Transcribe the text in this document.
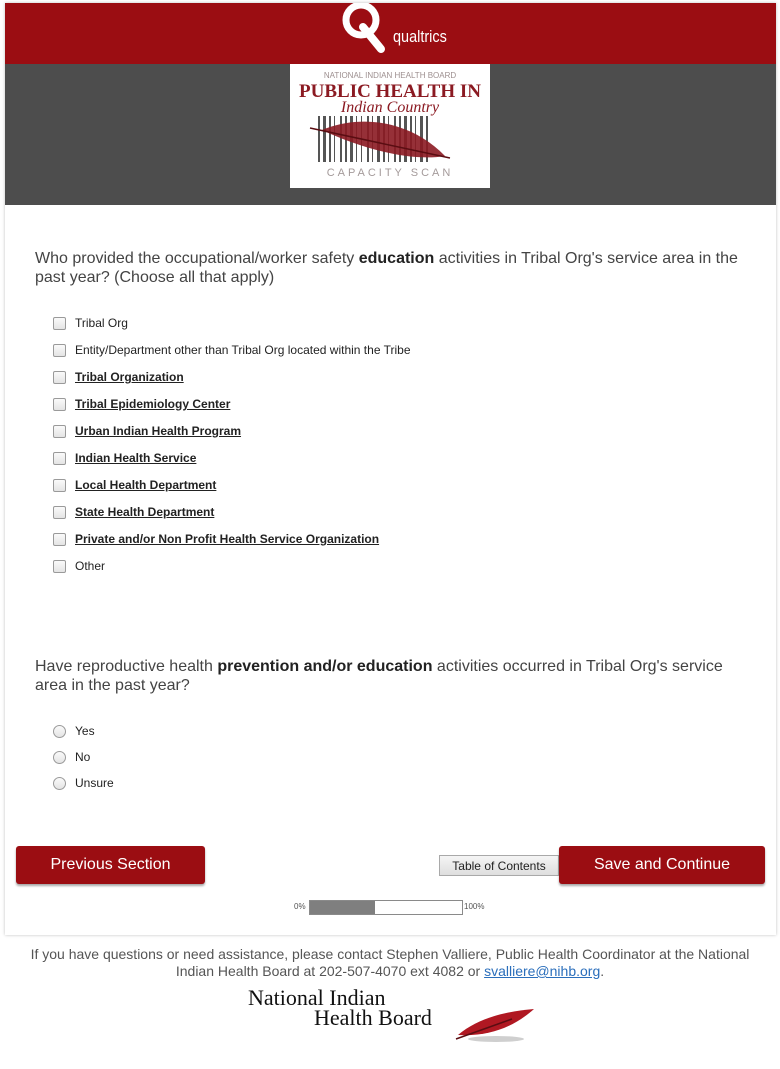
qualtrics
NATIONAL INDIAN HEALTH BOARD
PUBLIC HEALTH IN
Indian Country
CAPACITY SCAN
Who provided the occupational/worker safety education activities in Tribal Org's service area in the past year? (Choose all that apply)
Tribal Org
Entity/Department other than Tribal Org located within the Tribe
Tribal Organization
Tribal Epidemiology Center
Urban Indian Health Program
Indian Health Service
Local Health Department
State Health Department
Private and/or Non Profit Health Service Organization
Other
Have reproductive health prevention and/or education activities occurred in Tribal Org's service area in the past year?
Yes
No
Unsure
Previous Section	Table of Contents	Save and Continue
0%	100%
If you have questions or need assistance, please contact Stephen Valliere, Public Health Coordinator at the National Indian Health Board at 202-507-4070 ext 4082 or svalliere@nihb.org.
National Indian
Health Board
